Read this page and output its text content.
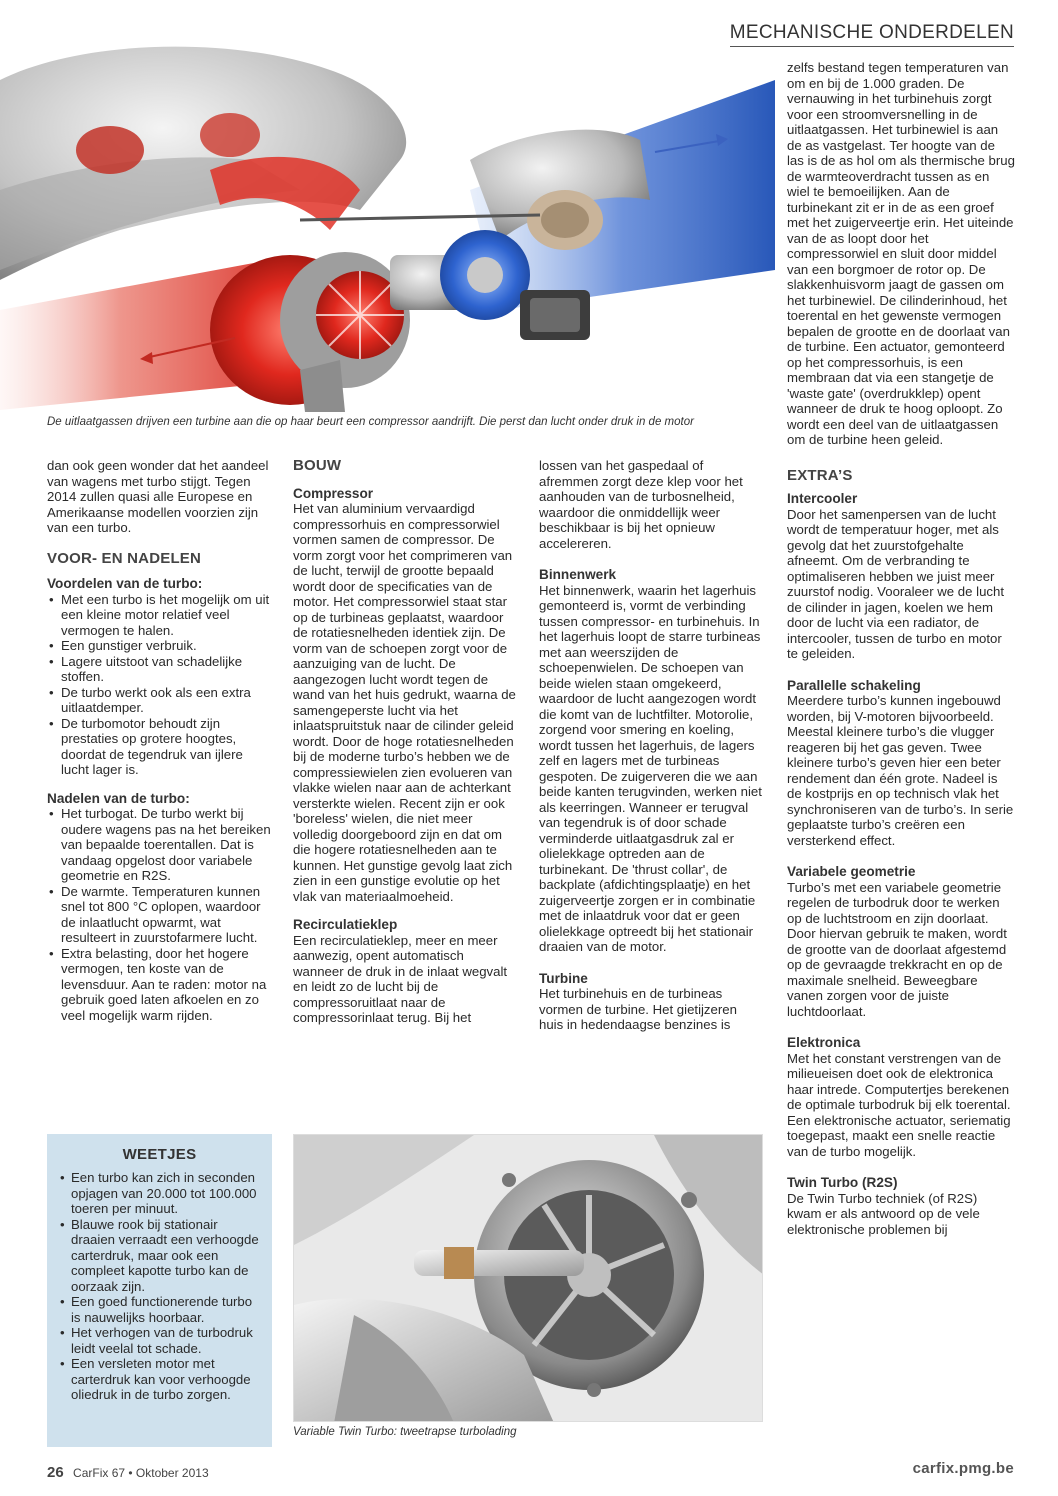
MECHANISCHE ONDERDELEN
De uitlaatgassen drijven een turbine aan die op haar beurt een compressor aandrijft. Die perst dan lucht onder druk in de motor

dan ook geen wonder dat het aandeel van wagens met turbo stijgt. Tegen 2014 zullen quasi alle Europese en Amerikaanse modellen voorzien zijn van een turbo.

VOOR- EN NADELEN
Voordelen van de turbo:
• Met een turbo is het mogelijk om uit een kleine motor relatief veel vermogen te halen.
• Een gunstiger verbruik.
• Lagere uitstoot van schadelijke stoffen.
• De turbo werkt ook als een extra uitlaatdemper.
• De turbomotor behoudt zijn prestaties op grotere hoogtes, doordat de tegendruk van ijlere lucht lager is.
Nadelen van de turbo:
• Het turbogat. De turbo werkt bij oudere wagens pas na het bereiken van bepaalde toerentallen. Dat is vandaag opgelost door variabele geometrie en R2S.
• De warmte. Temperaturen kunnen snel tot 800 °C oplopen, waardoor de inlaatlucht opwarmt, wat resulteert in zuurstofarmere lucht.
• Extra belasting, door het hogere vermogen, ten koste van de levensduur. Aan te raden: motor na gebruik goed laten afkoelen en zo veel mogelijk warm rijden.
BOUW
Compressor

Het van aluminium vervaardigd compressorhuis en compressorwiel vormen samen de compressor. De vorm zorgt voor het comprimeren van de lucht, terwijl de grootte bepaald wordt door de specificaties van de motor. Het compressorwiel staat star op de turbineas geplaatst, waardoor de rotatiesnelheden identiek zijn. De vorm van de schoepen zorgt voor de aanzuiging van de lucht. De aangezogen lucht wordt tegen de wand van het huis gedrukt, waarna de samengeperste lucht via het inlaatspruitstuk naar de cilinder geleid wordt. Door de hoge rotatiesnelheden bij de moderne turbo’s hebben we de compressiewielen zien evolueren van vlakke wielen naar aan de achterkant versterkte wielen. Recent zijn er ook 'boreless' wielen, die niet meer volledig doorgeboord zijn en dat om die hogere rotatiesnelheden aan te kunnen. Het gunstige gevolg laat zich zien in een gunstige evolutie op het vlak van materiaalmoeheid.

Recirculatieklep

Een recirculatieklep, meer en meer aanwezig, opent automatisch wanneer de druk in de inlaat wegvalt en leidt zo de lucht bij de compressoruitlaat naar de compressorinlaat terug. Bij het

lossen van het gaspedaal of afremmen zorgt deze klep voor het aanhouden van de turbosnelheid, waardoor die onmiddellijk weer beschikbaar is bij het opnieuw accelereren.

Binnenwerk

Het binnenwerk, waarin het lagerhuis gemonteerd is, vormt de verbinding tussen compressor- en turbinehuis. In het lagerhuis loopt de starre turbineas met aan weerszijden de schoepenwielen. De schoepen van beide wielen staan omgekeerd, waardoor de lucht aangezogen wordt die komt van de luchtfilter. Motorolie, zorgend voor smering en koeling, wordt tussen het lagerhuis, de lagers zelf en lagers met de turbineas gespoten. De zuigerveren die we aan beide kanten terugvinden, werken niet als keerringen. Wanneer er terugval van tegendruk is of door schade verminderde uitlaatgasdruk zal er olielekkage optreden aan de turbinekant. De 'thrust collar', de backplate (afdichtingsplaatje) en het zuigerveertje zorgen er in combinatie met de inlaatdruk voor dat er geen olielekkage optreedt bij het stationair draaien van de motor.

Turbine

Het turbinehuis en de turbineas vormen de turbine. Het gietijzeren huis in hedendaagse benzines is

zelfs bestand tegen temperaturen van om en bij de 1.000 graden. De vernauwing in het turbinehuis zorgt voor een stroomversnelling in de uitlaatgassen. Het turbinewiel is aan de as vastgelast. Ter hoogte van de las is de as hol om als thermische brug de warmteoverdracht tussen as en wiel te bemoeilijken. Aan de turbinekant zit er in de as een groef met het zuigerveertje erin. Het uiteinde van de as loopt door het compressorwiel en sluit door middel van een borgmoer de rotor op. De slakkenhuisvorm jaagt de gassen om het turbinewiel. De cilinderinhoud, het toerental en het gewenste vermogen bepalen de grootte en de doorlaat van de turbine. Een actuator, gemonteerd op het compressorhuis, is een membraan dat via een stangetje de 'waste gate' (overdrukklep) opent wanneer de druk te hoog oploopt. Zo wordt een deel van de uitlaatgassen om de turbine heen geleid.

EXTRA’S
Intercooler

Door het samenpersen van de lucht wordt de temperatuur hoger, met als gevolg dat het zuurstofgehalte afneemt. Om de verbranding te optimaliseren hebben we juist meer zuurstof nodig. Vooraleer we de lucht de cilinder in jagen, koelen we hem door de lucht via een radiator, de intercooler, tussen de turbo en motor te geleiden.

Parallelle schakeling

Meerdere turbo’s kunnen ingebouwd worden, bij V-motoren bijvoorbeeld. Meestal kleinere turbo’s die vlugger reageren bij het gas geven. Twee kleinere turbo’s geven hier een beter rendement dan één grote. Nadeel is de kostprijs en op technisch vlak het synchroniseren van de turbo’s. In serie geplaatste turbo’s creëren een versterkend effect.

Variabele geometrie

Turbo’s met een variabele geometrie regelen de turbodruk door te werken op de luchtstroom en zijn doorlaat. Door hiervan gebruik te maken, wordt de grootte van de doorlaat afgestemd op de gevraagde trekkracht en op de maximale snelheid. Beweegbare vanen zorgen voor de juiste luchtdoorlaat.

Elektronica

Met het constant verstrengen van de milieueisen doet ook de elektronica haar intrede. Computertjes berekenen de optimale turbodruk bij elk toerental. Een elektronische actuator, seriematig toegepast, maakt een snelle reactie van de turbo mogelijk.

Twin Turbo (R2S)

De Twin Turbo techniek (of R2S) kwam er als antwoord op de vele elektronische problemen bij

WEETJES
• Een turbo kan zich in seconden opjagen van 20.000 tot 100.000 toeren per minuut.
• Blauwe rook bij stationair draaien verraadt een verhoogde carterdruk, maar ook een compleet kapotte turbo kan de oorzaak zijn.
• Een goed functionerende turbo is nauwelijks hoorbaar.
• Het verhogen van de turbodruk leidt veelal tot schade.
• Een versleten motor met carterdruk kan voor verhoogde oliedruk in de turbo zorgen.
Variable Twin Turbo: tweetrapse turbolading
26 CarFix 67 • Oktober 2013	carfix.pmg.be
